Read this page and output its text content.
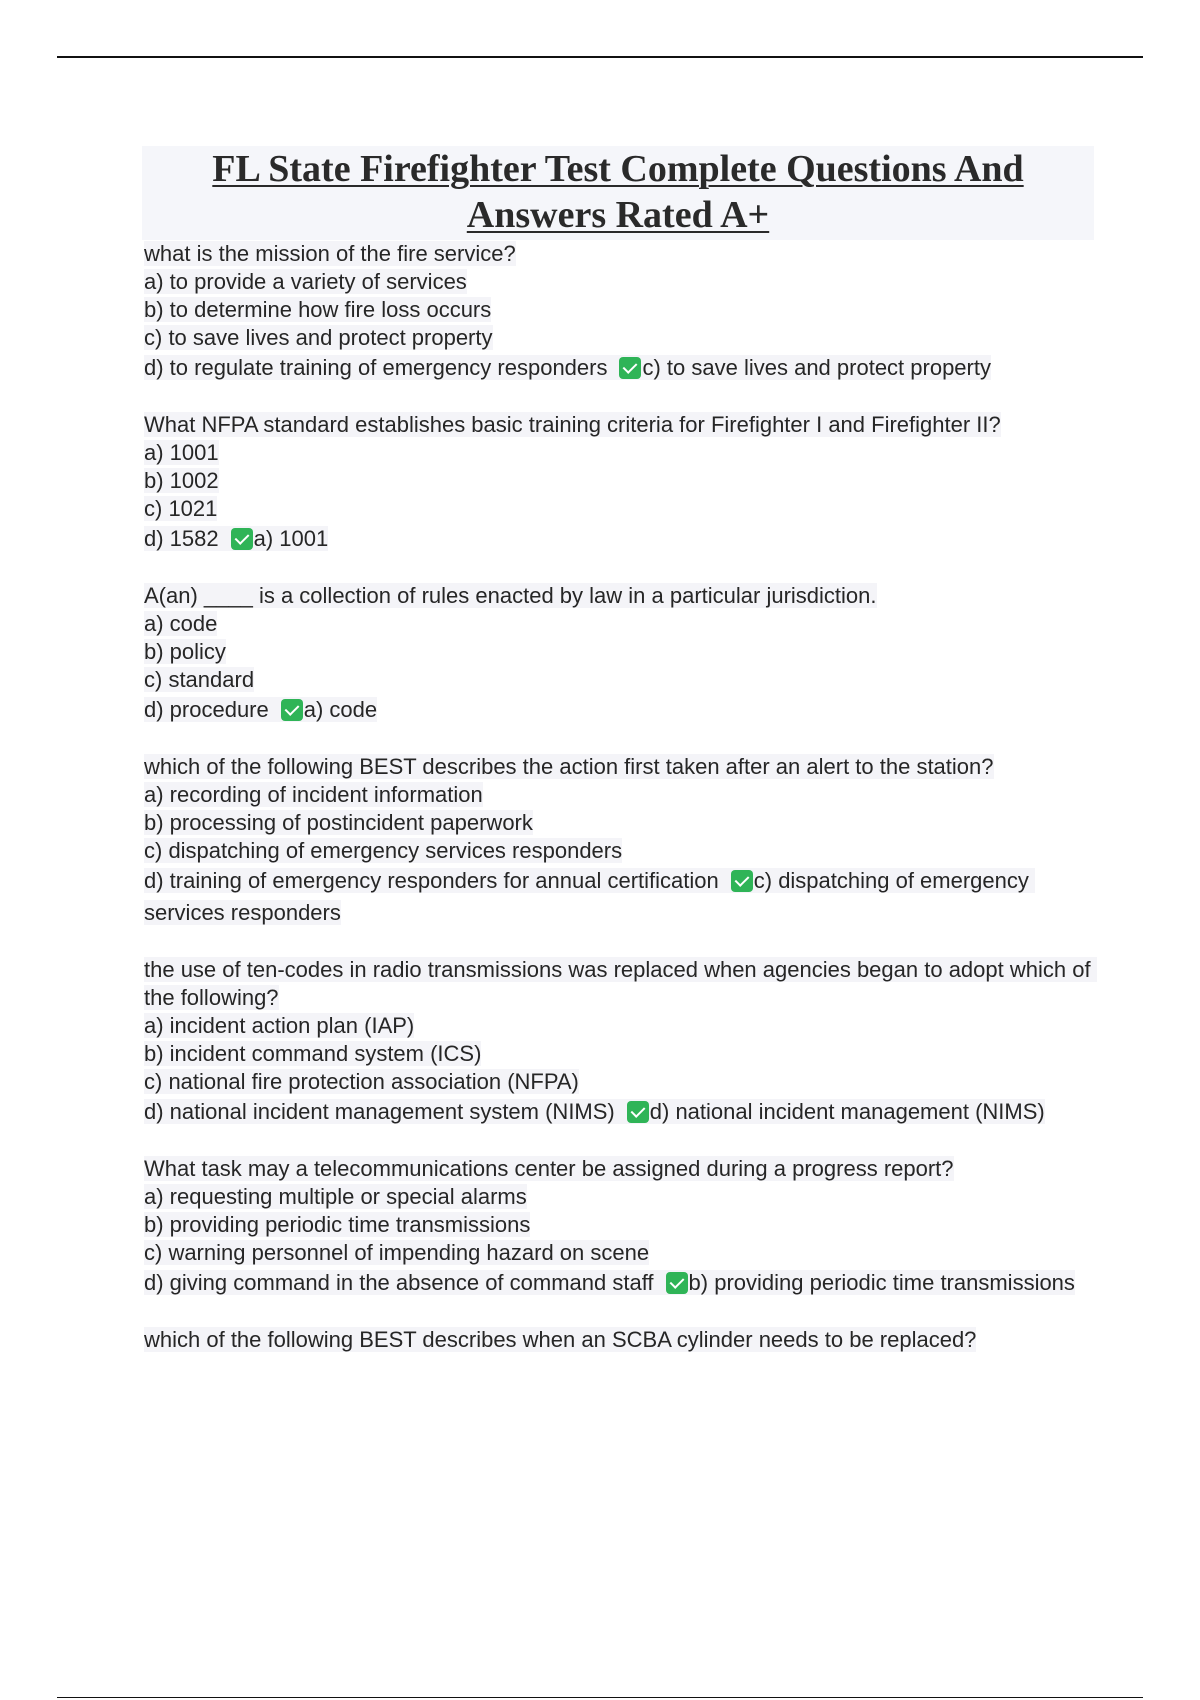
FL State Firefighter Test Complete Questions And Answers Rated A+
what is the mission of the fire service?
a) to provide a variety of services
b) to determine how fire loss occurs
c) to save lives and protect property
d) to regulate training of emergency responders c) to save lives and protect property
What NFPA standard establishes basic training criteria for Firefighter I and Firefighter II?
a) 1001
b) 1002
c) 1021
d) 1582 a) 1001
A(an) ____ is a collection of rules enacted by law in a particular jurisdiction.
a) code
b) policy
c) standard
d) procedure a) code
which of the following BEST describes the action first taken after an alert to the station?
a) recording of incident information
b) processing of postincident paperwork
c) dispatching of emergency services responders
d) training of emergency responders for annual certification c) dispatching of emergency services responders
the use of ten-codes in radio transmissions was replaced when agencies began to adopt which of the following?
a) incident action plan (IAP)
b) incident command system (ICS)
c) national fire protection association (NFPA)
d) national incident management system (NIMS) d) national incident management (NIMS)
What task may a telecommunications center be assigned during a progress report?
a) requesting multiple or special alarms
b) providing periodic time transmissions
c) warning personnel of impending hazard on scene
d) giving command in the absence of command staff b) providing periodic time transmissions
which of the following BEST describes when an SCBA cylinder needs to be replaced?
